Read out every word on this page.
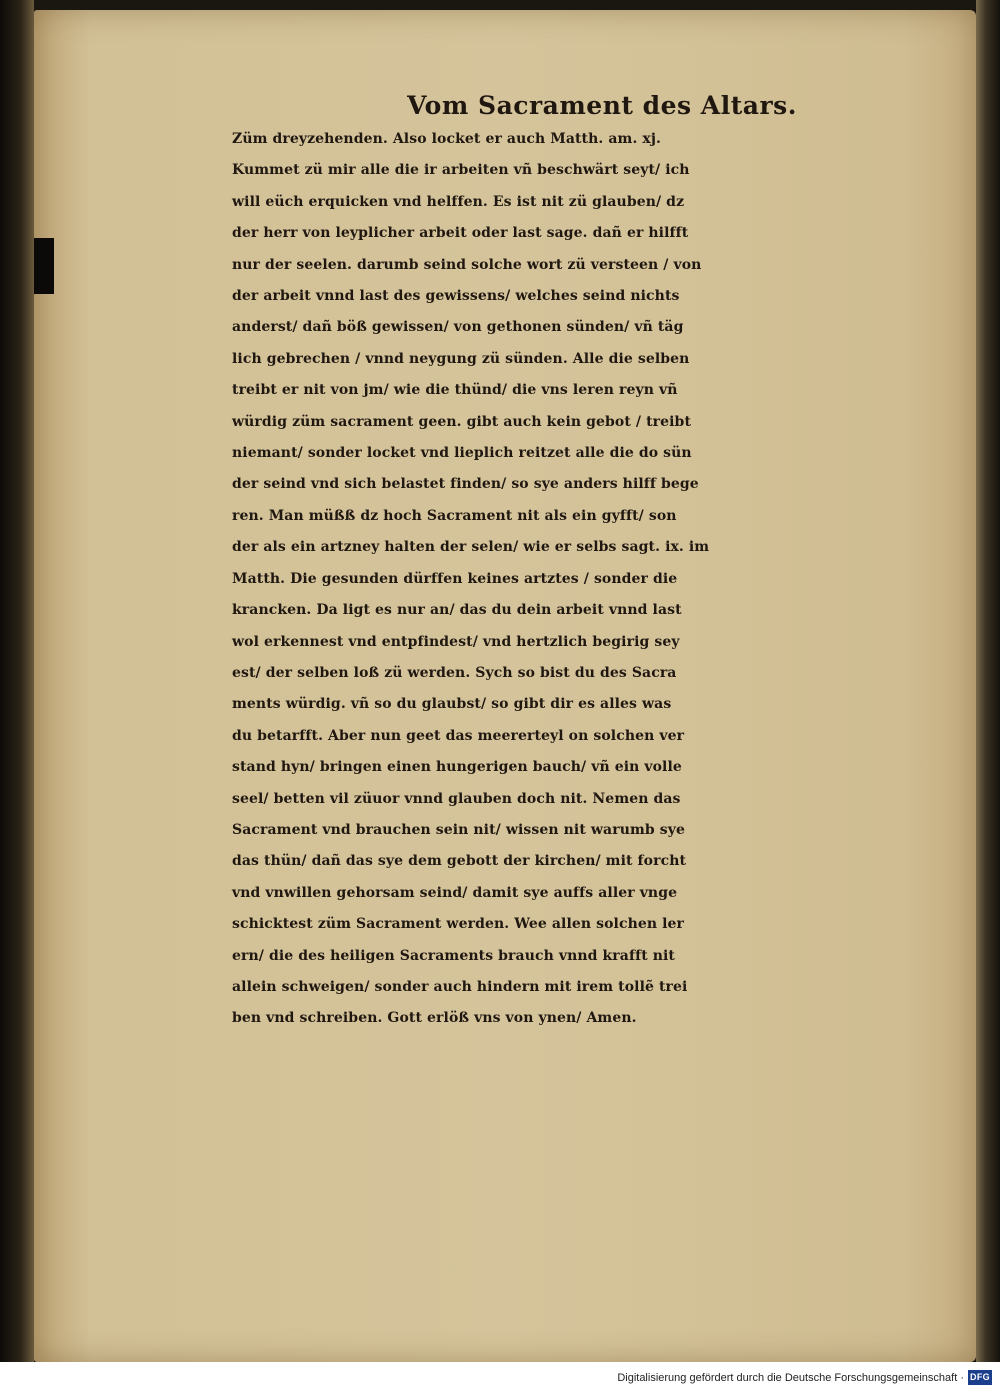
Vom Sacrament des Altars.
Züm dreyzehenden. Also locket er auch Matth. am. xj.
Kummet zü mir alle die ir arbeiten vñ beschwärt seyt/ ich
will eüch erquicken vnd helffen. Es ist nit zü glauben/ dz
der herr von leyplicher arbeit oder last sage. dañ er hilfft
nur der seelen. darumb seind solche wort zü versteen / von
der arbeit vnnd last des gewissens/ welches seind nichts
anderst/ dañ böß gewissen/ von gethonen sünden/ vñ täg
lich gebrechen / vnnd neygung zü sünden. Alle die selben
treibt er nit von jm/ wie die thünd/ die vns leren reyn vñ
würdig züm sacrament geen. gibt auch kein gebot / treibt
niemant/ sonder locket vnd lieplich reitzet alle die do sün
der seind vnd sich belastet finden/ so sye anders hilff bege
ren. Man müßß dz hoch Sacrament nit als ein gyfft/ son
der als ein artzney halten der selen/ wie er selbs sagt. ix. im
Matth. Die gesunden dürffen keines artztes / sonder die
krancken. Da ligt es nur an/ das du dein arbeit vnnd last
wol erkennest vnd entpfindest/ vnd hertzlich begirig sey
est/ der selben loß zü werden. Sych so bist du des Sacra
ments würdig. vñ so du glaubst/ so gibt dir es alles was
du betarfft. Aber nun geet das meererteyl on solchen ver
stand hyn/ bringen einen hungerigen bauch/ vñ ein volle
seel/ betten vil züuor vnnd glauben doch nit. Nemen das
Sacrament vnd brauchen sein nit/ wissen nit warumb sye
das thün/ dañ das sye dem gebott der kirchen/ mit forcht
vnd vnwillen gehorsam seind/ damit sye auffs aller vnge
schicktest züm Sacrament werden. Wee allen solchen ler
ern/ die des heiligen Sacraments brauch vnnd krafft nit
allein schweigen/ sonder auch hindern mit irem tollẽ trei
ben vnd schreiben. Gott erlöß vns von ynen/ Amen.
Digitalisierung gefördert durch die Deutsche Forschungsgemeinschaft · DFG
